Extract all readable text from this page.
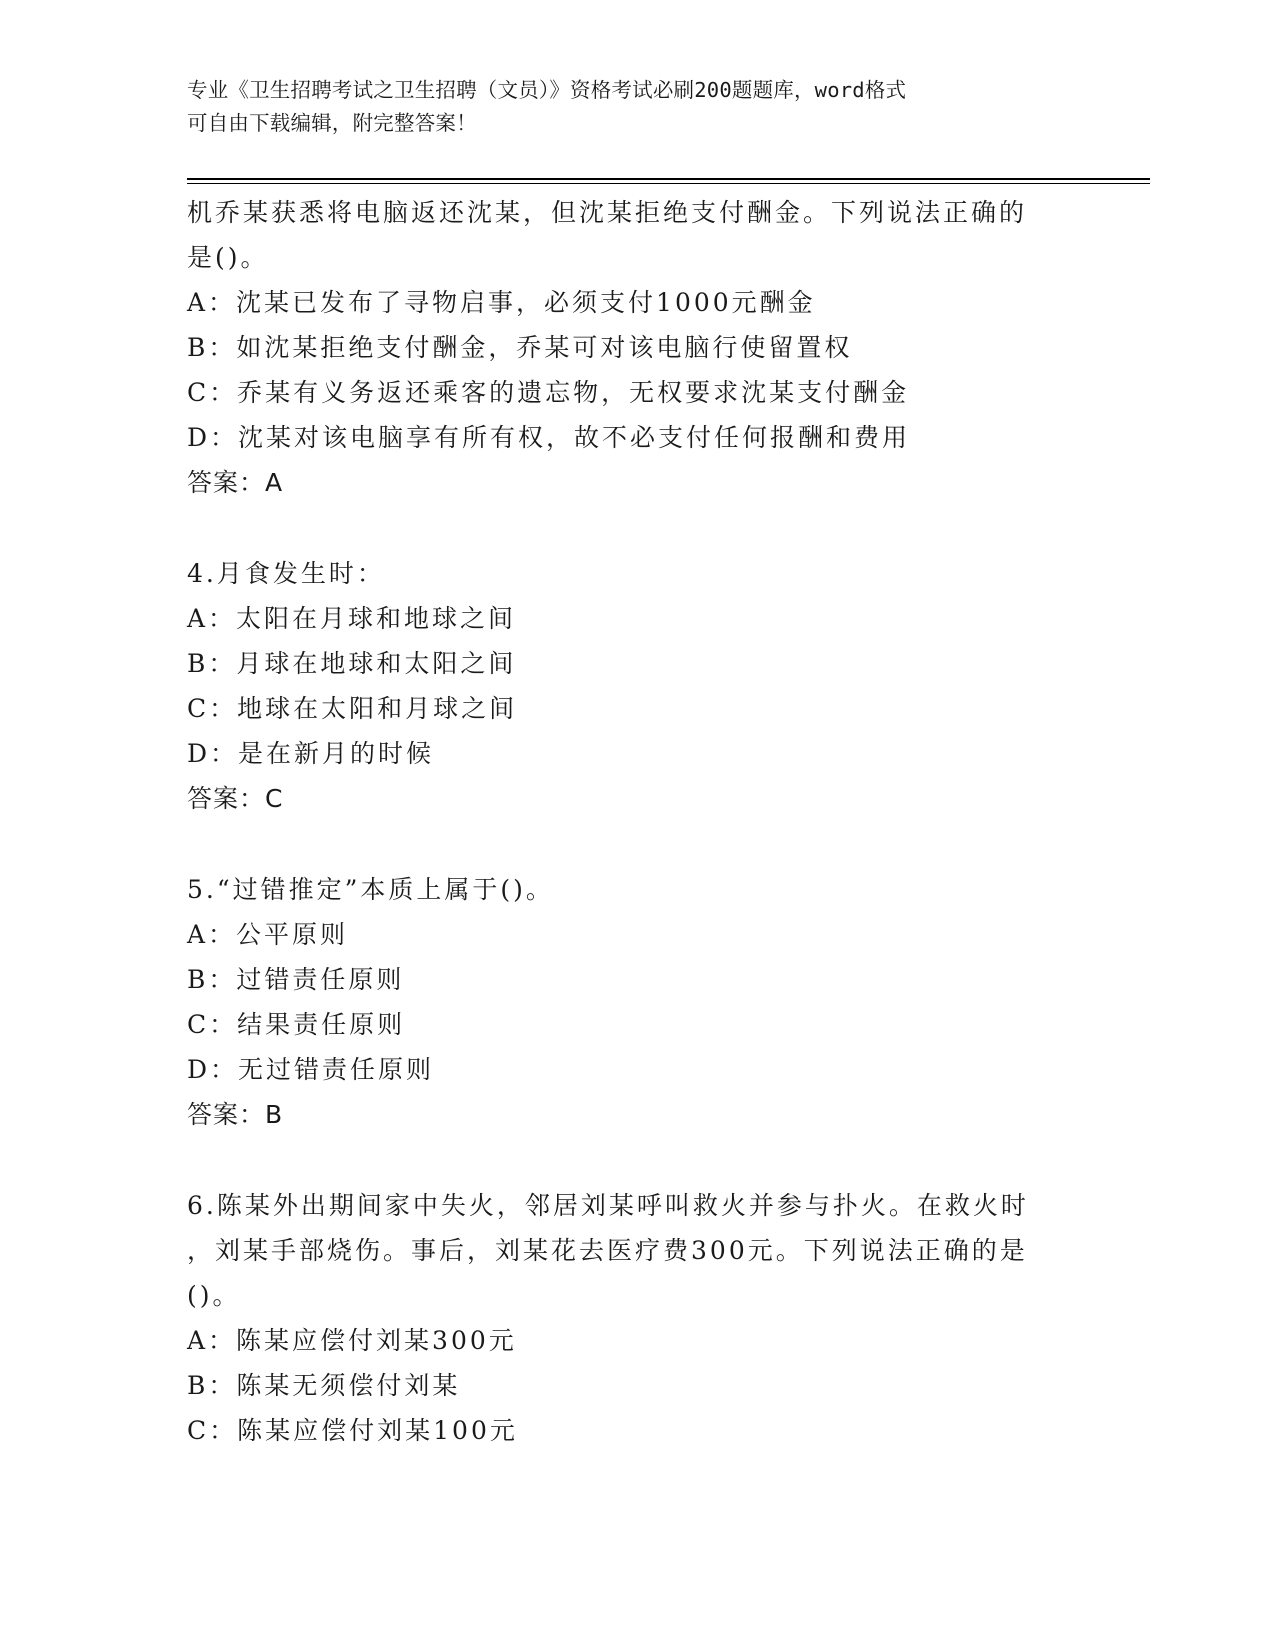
专业《卫生招聘考试之卫生招聘（文员）》资格考试必刷200题题库，word格式
可自由下载编辑，附完整答案！
机乔某获悉将电脑返还沈某，但沈某拒绝支付酬金。下列说法正确的
是()。
A：沈某已发布了寻物启事，必须支付1000元酬金
B：如沈某拒绝支付酬金，乔某可对该电脑行使留置权
C：乔某有义务返还乘客的遗忘物，无权要求沈某支付酬金
D：沈某对该电脑享有所有权，故不必支付任何报酬和费用
答案：A
4.月食发生时：
A：太阳在月球和地球之间
B：月球在地球和太阳之间
C：地球在太阳和月球之间
D：是在新月的时候
答案：C
5.“过错推定”本质上属于()。
A：公平原则
B：过错责任原则
C：结果责任原则
D：无过错责任原则
答案：B
6.陈某外出期间家中失火，邻居刘某呼叫救火并参与扑火。在救火时
，刘某手部烧伤。事后，刘某花去医疗费300元。下列说法正确的是
()。
A：陈某应偿付刘某300元
B：陈某无须偿付刘某
C：陈某应偿付刘某100元
